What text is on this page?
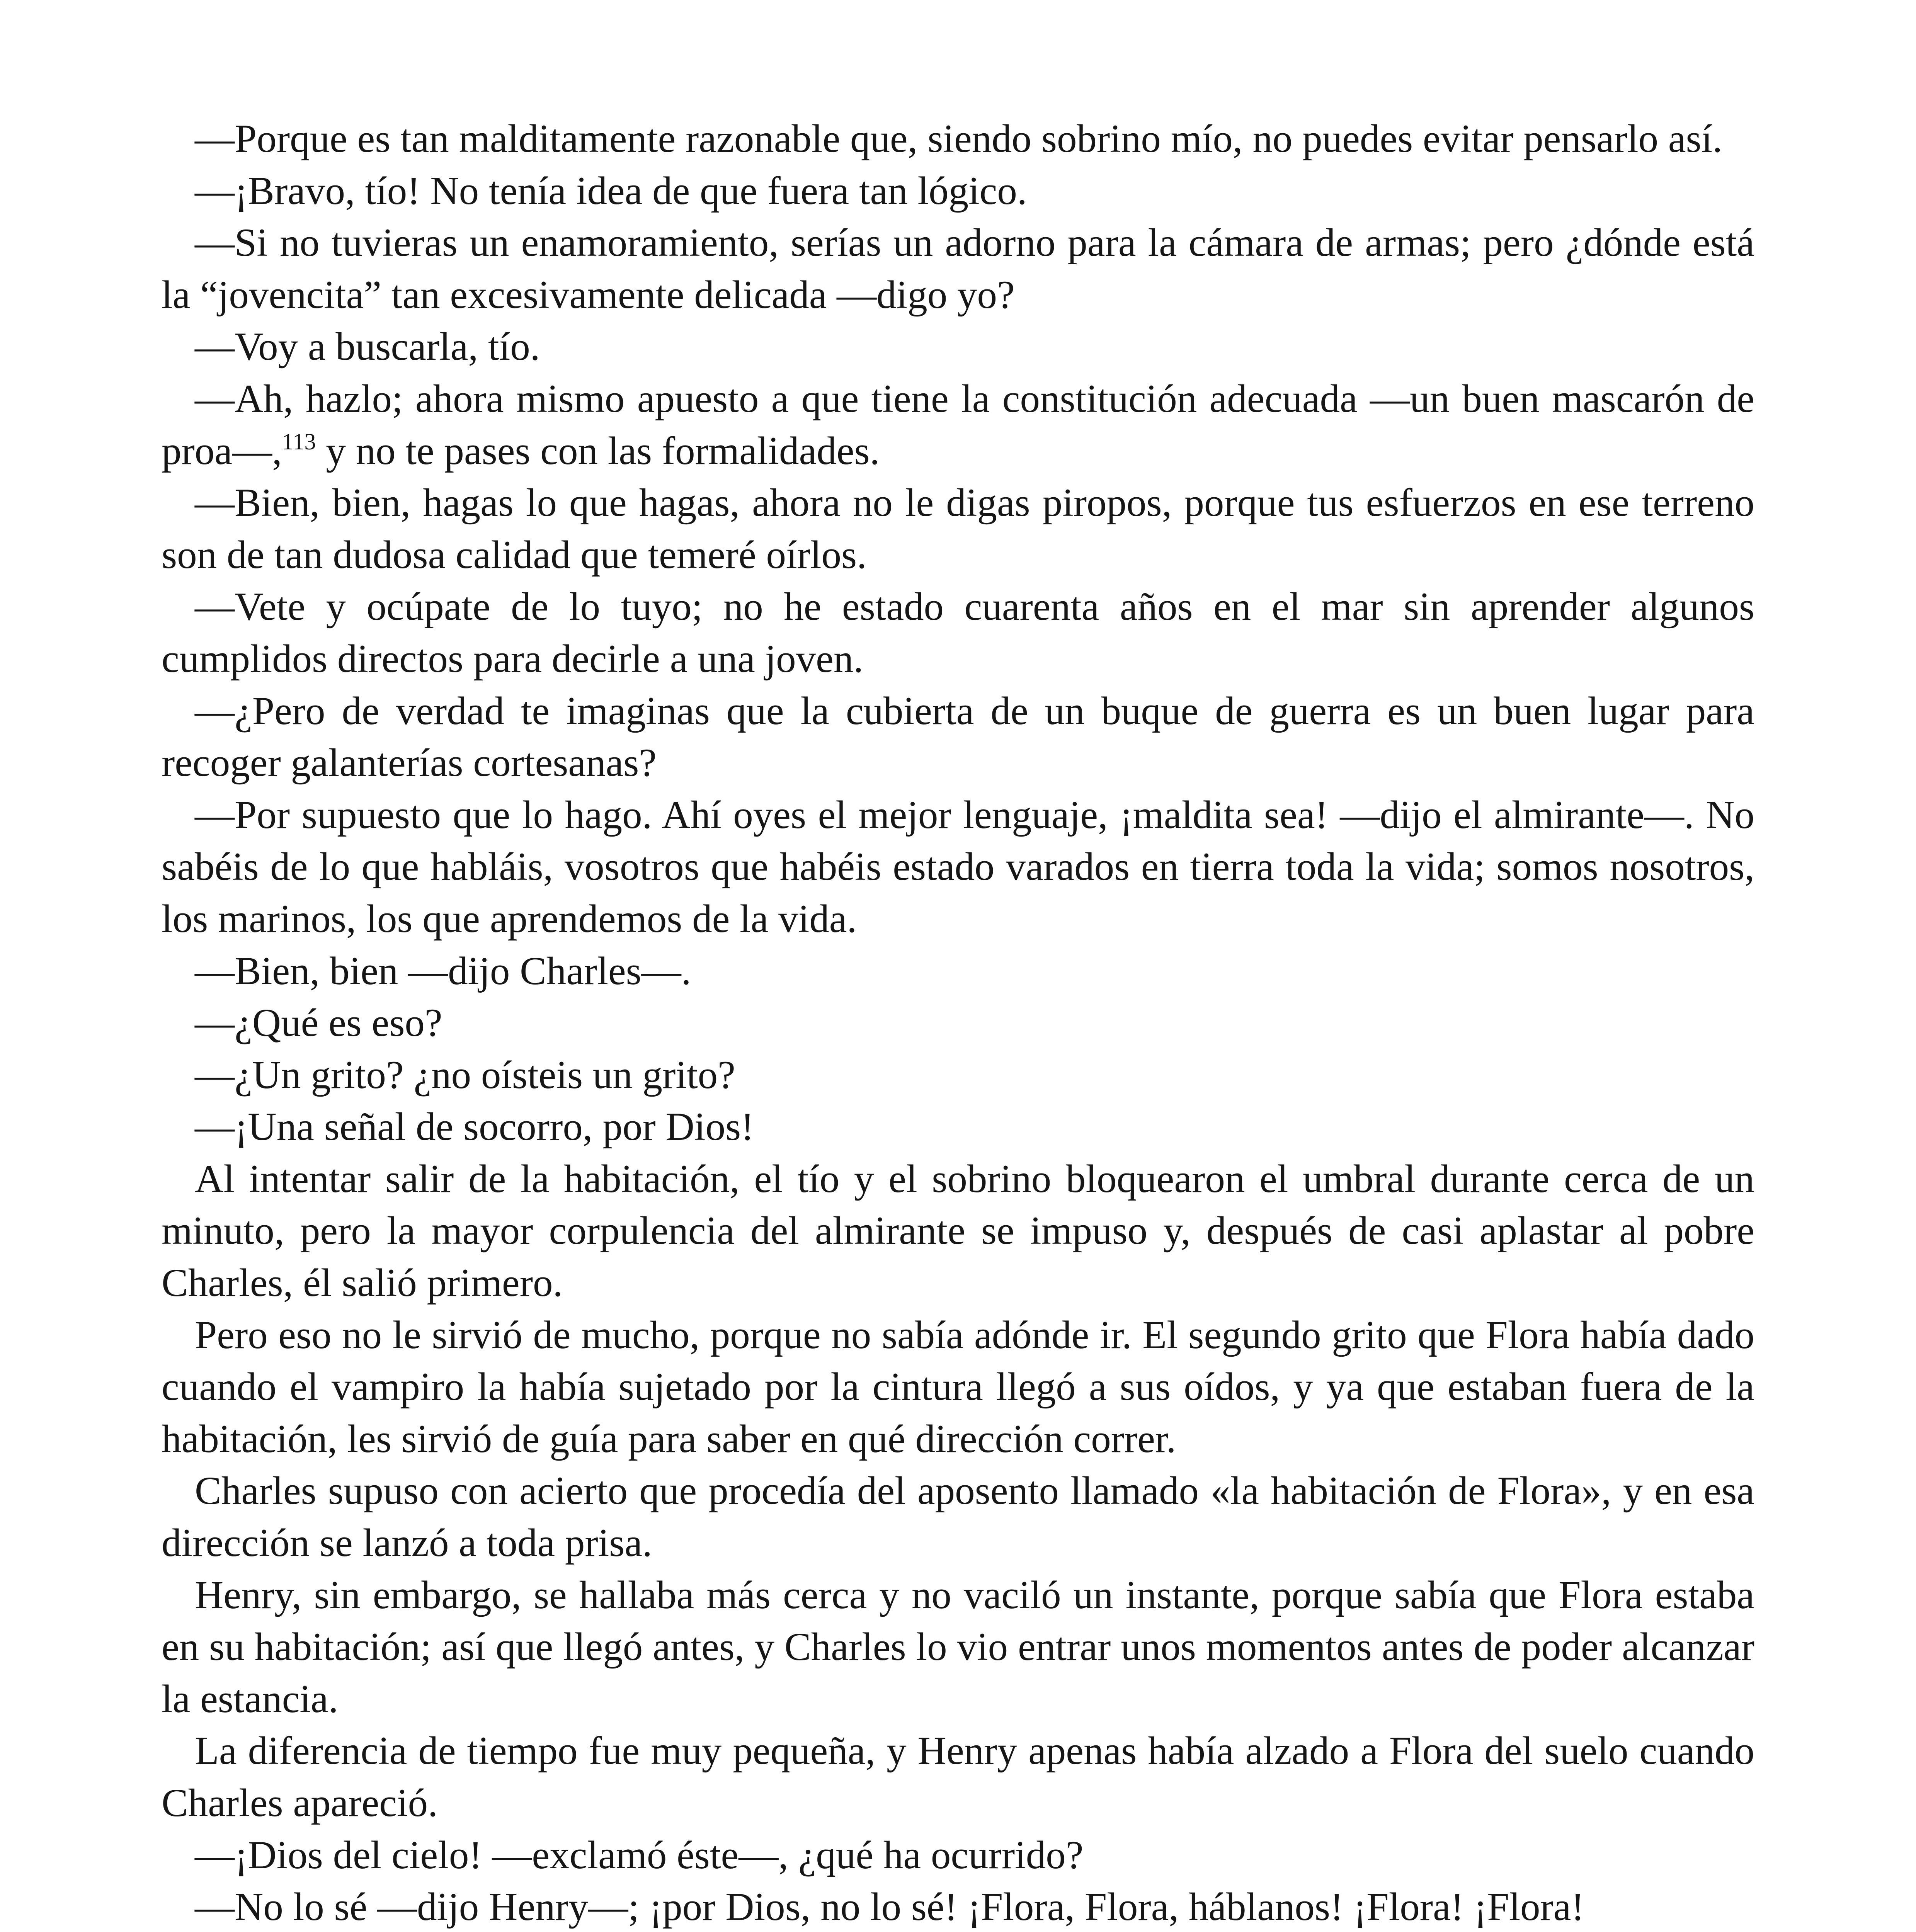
—Porque es tan malditamente razonable que, siendo sobrino mío, no puedes evitar pensarlo así.

—¡Bravo, tío! No tenía idea de que fuera tan lógico.

—Si no tuvieras un enamoramiento, serías un adorno para la cámara de armas; pero ¿dónde está la “jovencita” tan excesivamente delicada —digo yo?

—Voy a buscarla, tío.

—Ah, hazlo; ahora mismo apuesto a que tiene la constitución adecuada —un buen mascarón de proa—,$^{113}$ y no te pases con las formalidades.

—Bien, bien, hagas lo que hagas, ahora no le digas piropos, porque tus esfuerzos en ese terreno son de tan dudosa calidad que temeré oírlos.

—Vete y ocúpate de lo tuyo; no he estado cuarenta años en el mar sin aprender algunos cumplidos directos para decirle a una joven.

—¿Pero de verdad te imaginas que la cubierta de un buque de guerra es un buen lugar para recoger galanterías cortesanas?

—Por supuesto que lo hago. Ahí oyes el mejor lenguaje, ¡maldita sea! —dijo el almirante—. No sabéis de lo que habláis, vosotros que habéis estado varados en tierra toda la vida; somos nosotros, los marinos, los que aprendemos de la vida.

—Bien, bien —dijo Charles—.

—¿Qué es eso?

—¿Un grito? ¿no oísteis un grito?

—¡Una señal de socorro, por Dios!

Al intentar salir de la habitación, el tío y el sobrino bloquearon el umbral durante cerca de un minuto, pero la mayor corpulencia del almirante se impuso y, después de casi aplastar al pobre Charles, él salió primero.

Pero eso no le sirvió de mucho, porque no sabía adónde ir. El segundo grito que Flora había dado cuando el vampiro la había sujetado por la cintura llegó a sus oídos, y ya que estaban fuera de la habitación, les sirvió de guía para saber en qué dirección correr.

Charles supuso con acierto que procedía del aposento llamado «la habitación de Flora», y en esa dirección se lanzó a toda prisa.

Henry, sin embargo, se hallaba más cerca y no vaciló un instante, porque sabía que Flora estaba en su habitación; así que llegó antes, y Charles lo vio entrar unos momentos antes de poder alcanzar la estancia.

La diferencia de tiempo fue muy pequeña, y Henry apenas había alzado a Flora del suelo cuando Charles apareció.

—¡Dios del cielo! —exclamó éste—, ¿qué ha ocurrido?

—No lo sé —dijo Henry—; ¡por Dios, no lo sé! ¡Flora, Flora, háblanos! ¡Flora! ¡Flora!
